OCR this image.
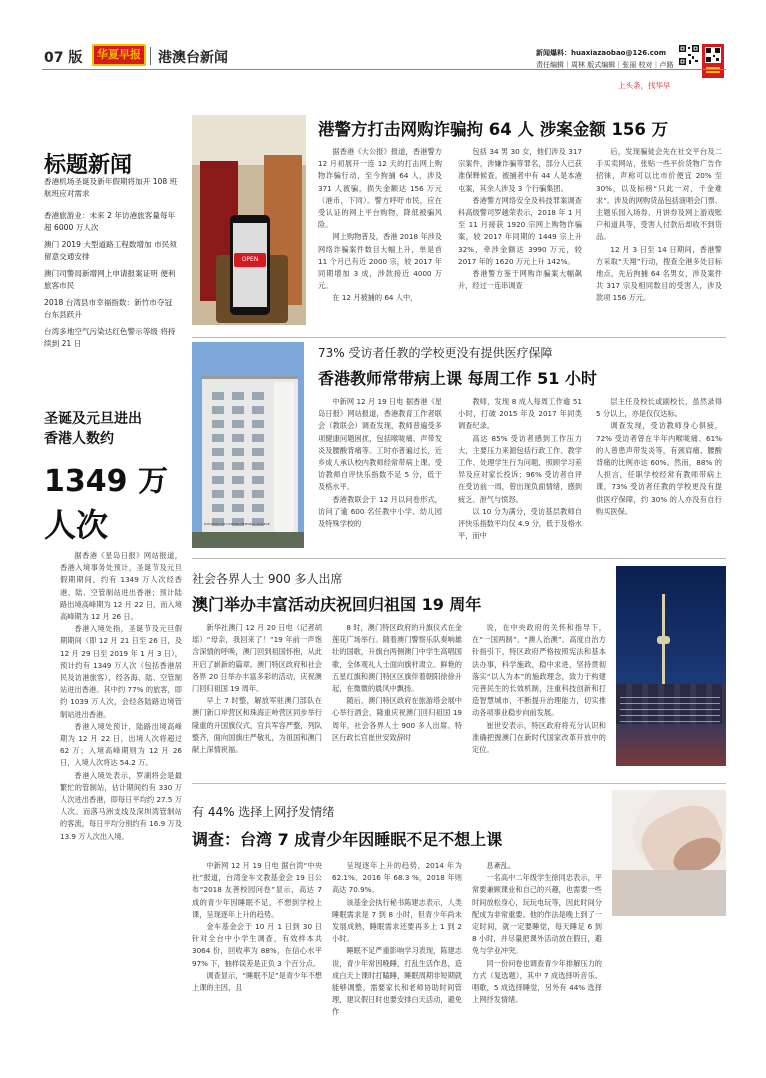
07 版 华夏早报 港澳台新闻	新闻爆料：huaxiazaobao@126.com
责任编辑｜周林 版式编辑｜张丽 校对｜卢路
上头条，找华早
标题新闻
香港机场圣诞及新年假期将加开 108 班航班应对需求
香港旅游业：未来 2 年访港旅客量每年超 6000 万人次
澳门 2019 大型道路工程数增加 市民须留意交通安排
澳门司警局新增网上申请报案证明 便利旅客市民
2018 台湾县市幸福指数：新竹市夺冠 台东县跃升
台湾多地空气污染达红色警示等级 将持续到 21 日
圣诞及元旦进出
香港人数约
1349 万
人次

据香港《星岛日报》网站报道，香港入境事务处预计，圣诞节及元旦假期期间，约有 1349 万人次经香港、陆、空管制站进出香港；预计陆路出境高峰期为 12 月 22 日，而入境高峰期为 12 月 26 日。

香港入境处指，圣诞节及元旦假期期间（即 12 月 21 日至 26 日，及 12 月 29 日至 2019 年 1 月 3 日），预计约有 1349 万人次（包括香港居民及访港旅客），经各海、陆、空管制站进出香港。其中约 77% 的旅客，即约 1039 万人次，会经各陆路边境管制站进出香港。

香港入境处预计，陆路出境高峰期为 12 月 22 日，出境人次将超过 62 万；入境高峰期则为 12 月 26 日，入境人次将达 54.2 万。

香港入境处表示，罗湖将会是最繁忙的管制站，估计期间约有 330 万人次进出香港，即每日平均约 27.5 万人次。而落马洲支线及深圳湾管制站的客流，每日平均分别约有 16.9 万及 13.9 万人次出入境。

OPEN
港警方打击网购诈骗拘 64 人 涉案金额 156 万

据香港《大公报》报道，香港警方 12 月初展开一连 12 天的打击网上购物诈骗行动，至今拘捕 64 人，涉及 371 人被骗，损失金额达 156 万元（港币，下同）。警方呼吁市民，应在受认证的网上平台购物，降低被骗风险。

网上购物普及，香港 2018 年涉及网络诈骗案件数目大幅上升，单是首 11 个月已有近 2000 宗，较 2017 年同期增加 3 成，涉款接近 4000 万元。

在 12 月被捕的 64 人中，

包括 34 男 30 女，他们涉及 317 宗案件，涉嫌诈骗等罪名，部分人已获准保释候查。被捕者中有 44 人是本港屯案，其余人涉及 3 个行骗集团。

香港警方网络安全及科技罪案调查科高级警司罗越荣表示，2018 年 1 月至 11 月接获 1920 宗网上购物诈骗案，较 2017 年同期的 1449 宗上升 32%，牵涉金额达 3990 万元，较 2017 年的 1620 万元上升 142%。

香港警方鉴于网购诈骗案大幅飙升，经过一连串调查

后，发现骗徒会先在社交平台及二手买卖网站，张贴一些平价货物广告作招徕，声称可以比市价便宜 20% 至 30%，以及标榜“只此一对，千金难求”。涉及的网购货品包括演唱会门票、主题乐园入场券、月饼券及网上游戏账户和道具等，受害人付款后却收不到货品。

12 月 3 日至 14 日期间，香港警方采取“天翔”行动，搜查全港多处目标地点，先后拘捕 64 名男女，涉及案件共 317 宗及相同数目的受害人，涉及款项 156 万元。

DIOCESAN CHIU CHEONG MEMORIAL COLLEGE
73% 受访者任教的学校更没有提供医疗保障
香港教师常带病上课 每周工作 51 小时

中新网 12 月 19 日电 据香港《星岛日报》网站报道，香港教育工作者联会（教联会）调查发现，教师普遍受多项健康问题困扰，包括喉咙痛、声带发炎及腰酸背痛等。工时亦普遍过长，近乡成人承认校内教师经常带病上课。受访教师自评快乐指数不足 5 分，低于及格水平。

香港教联会于 12 月以问卷形式，访问了逾 600 名任教中小学、幼儿园及特殊学校的

教师，发现 8 成人每周工作逾 51 小时，打破 2015 年及 2017 年同类调查纪录。

高达 85% 受访者感到工作压力大，主要压力来源包括行政工作、教学工作、处理学生行为问题、照顾学习差异及应对家长投诉；96% 受访者自评在受访前一周，曾出现负面情绪，感到疲乏、泄气与愤怒。

以 10 分为满分，受访基层教师自评快乐指数平均仅 4.9 分，低于及格水平，而中

层主任及校长或副校长，虽然录得 5 分以上，亦是仅仅达标。

调查发现，受访教师身心俱疲，72% 受访者曾在半年内喉咙痛、61% 的人曾患声带发炎等，有颈肩痛、腰酸背痛的比例亦达 60%。然而，88% 的人担言，任职学校经常有教师带病上课，73% 受访者任教的学校更没有提供医疗保障，约 30% 的人亦没有自行购买医保。

社会各界人士 900 多人出席
澳门举办丰富活动庆祝回归祖国 19 周年

新华社澳门 12 月 20 日电（记者胡瑶）“母亲，我回来了！”19 年前一声饱含深情的呼唤，澳门回到祖国怀抱，从此开启了崭新的篇章。澳门特区政府和社会各界 20 日举办丰富多彩的活动，庆祝澳门回归祖国 19 周年。

早上 7 时整，解放军驻澳门部队在澳门新口岸营区和珠海正岭营区同步举行隆重的升国旗仪式，官兵军容严整，列队整齐，面向国旗庄严敬礼，为祖国和澳门献上深情祝福。

8 时，澳门特区政府的升旗仪式在金莲花广场举行。随着澳门警察乐队奏响雄壮的国歌，升旗台两侧澳门中学生高唱国歌，全体观礼人士面向旗杆肃立。鲜艳的五星红旗和澳门特区区旗伴着朝阳徐徐升起，在微微的晨风中飘扬。

随后，澳门特区政府在旅游塔会展中心举行酒会，隆重庆祝澳门回归祖国 19 周年，社会各界人士 900 多人出席。特区行政长官崔世安致辞时

说，在中央政府的关怀和指导下，在“一国两制”、“澳人治澳”、高度自治方针指引下，特区政府严格按照宪法和基本法办事，科学施政，稳中求进，坚持贯彻落实“以人为本”的施政理念，致力于构建完善民生的长效机制，注重科技创新和打造智慧城市，不断提升治理能力，切实推动各项事业稳步向前发展。

崔世安表示，特区政府将充分认识和准确把握澳门在新时代国家改革开放中的定位。

有 44% 选择上网抒发情绪
调查：台湾 7 成青少年因睡眠不足不想上课

中新网 12 月 19 日电 据台湾“中央社”报道，台湾金车文教基金会 19 日公布“2018 友善校园问卷”显示，高达 7 成的青少年因睡眠不足，不想到学校上课，呈现逐年上升的趋势。

金车基金会于 10 月 1 日到 30 日针对全台中小学生调查，有效样本共 3064 份，回收率为 88%，在信心水平 97% 下，抽样误差是正负 3 个百分点。

调查显示，“睡眠不足”是青少年不想上课的主因，且

呈现逐年上升的趋势，2014 年为 62.1%、2016 年 68.3 %，2018 年则高达 70.9%。

该基金会执行秘书陈建志表示，人类睡眠需求是 7 到 8 小时，但青少年尚未发展成熟，睡眠需求还要再多上 1 到 2 小时。

睡眠不足严重影响学习表现，陈建志说，青少年常因晚睡，打乱生活作息，造成白天上课时打瞌睡，睡眠周期非短期就能够调整，需要家长和老师协助时间管理，建议假日时也要安排白天活动，避免作

息紊乱。

一名高中二年级学生徐同忠表示，平常要兼顾课业和自己的兴趣，也需要一些时间放松身心，玩玩电玩等，因此时间分配成为非常重要。他的作法是晚上到了一定时间，就一定要睡觉，每天睡足 6 到 8 小时，并尽量把课外活动放在假日，避免与学业冲突。

同一份问卷也调查青少年排解压力的方式（复选题），其中 7 成选择听音乐、唱歌，5 成选择睡觉，另外有 44% 选择上网抒发情绪。
